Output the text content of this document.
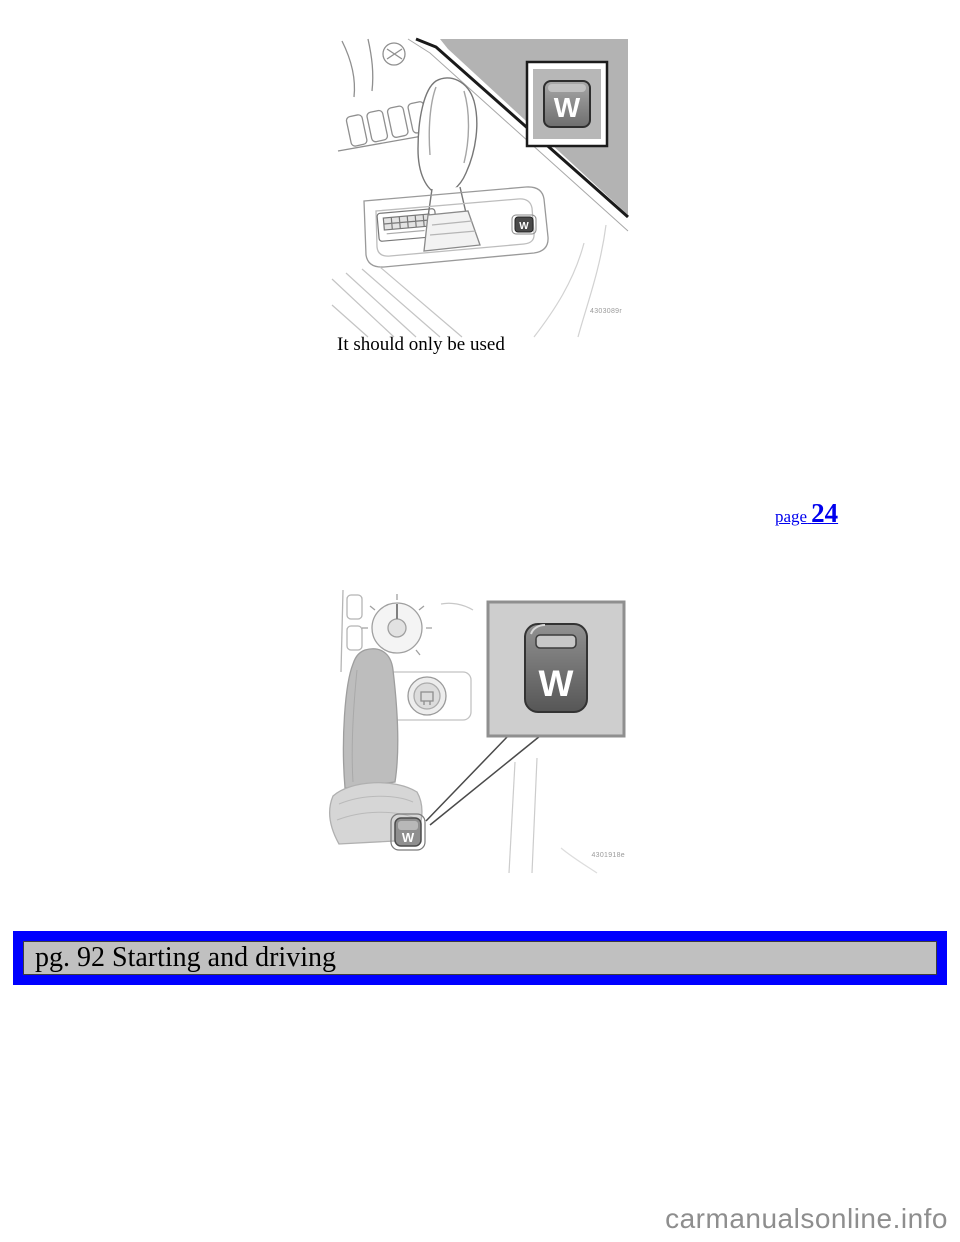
W
W
4303089r
It should only be used
page 24
W
W
4301918e
pg. 92 Starting and driving
carmanualsonline.info
